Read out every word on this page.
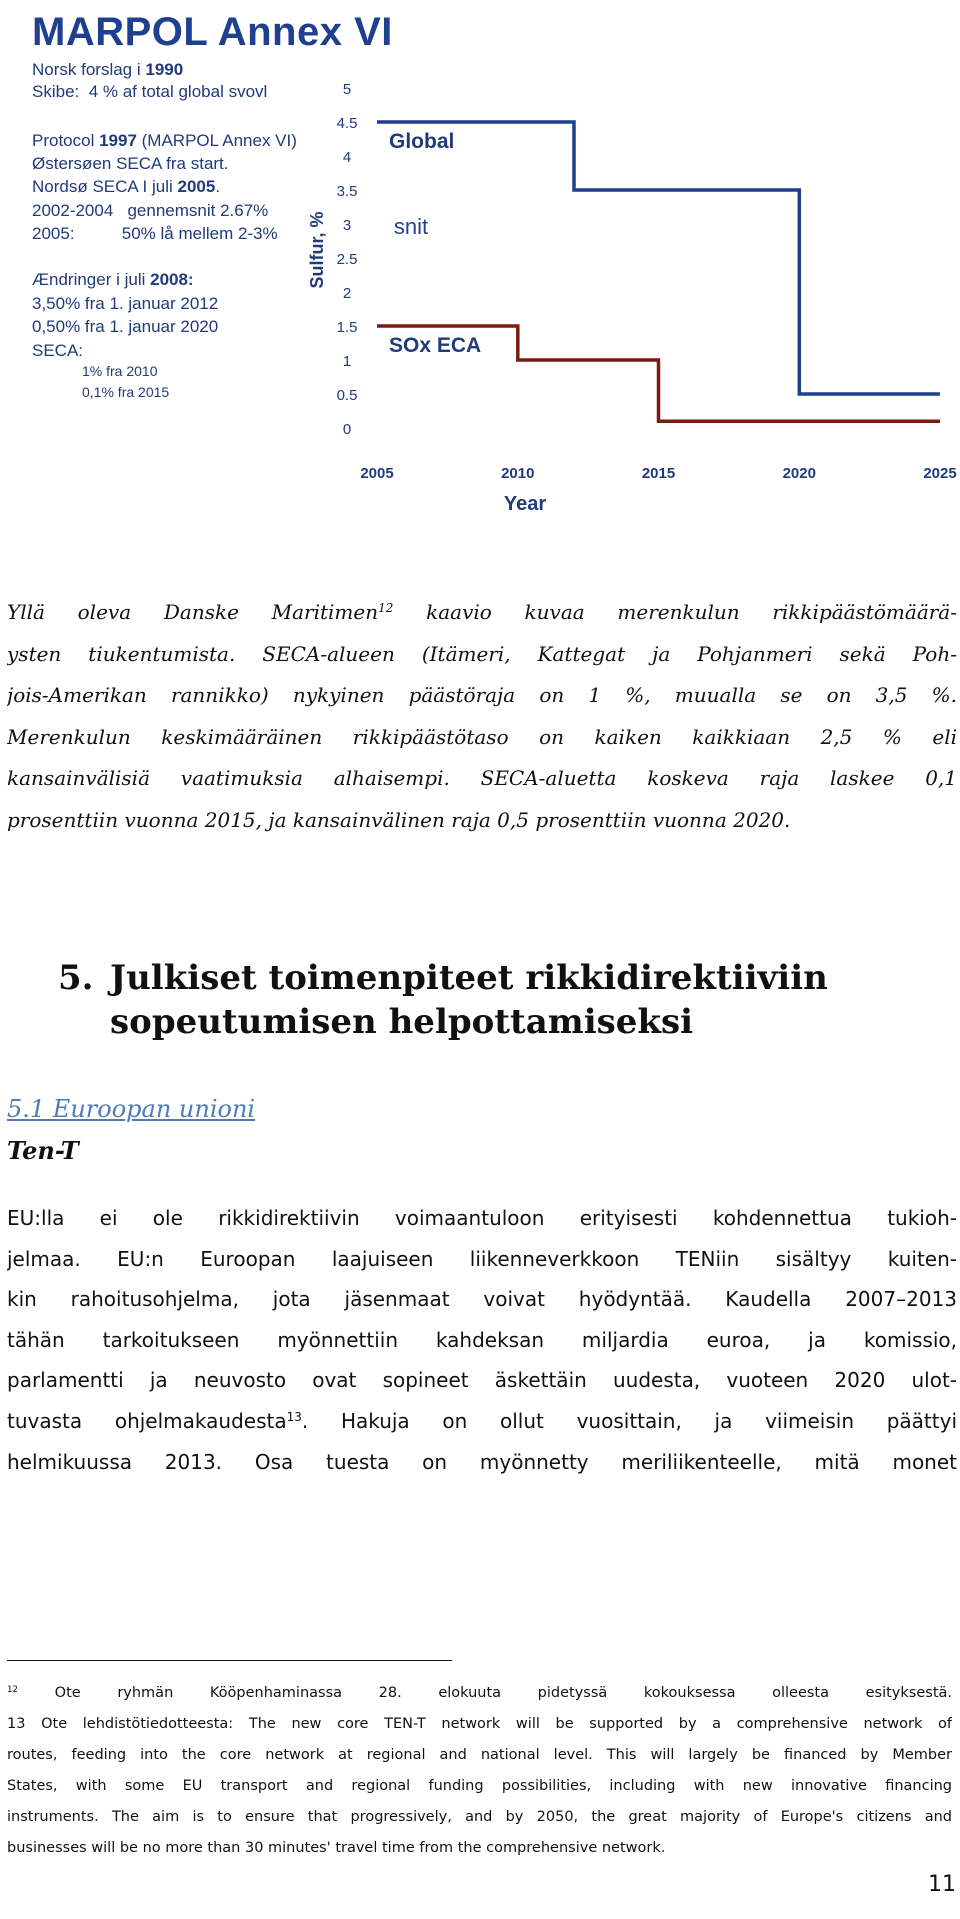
MARPOL Annex VI
Norsk forslag i 1990
Skibe:  4 % af total global svovl
Protocol 1997 (MARPOL Annex VI)
Østersøen SECA fra start.
Nordsø SECA I juli 2005.
2002-2004   gennemsnit 2.67%
2005:          50% lå mellem 2-3%
Ændringer i juli 2008:
3,50% fra 1. januar 2012
0,50% fra 1. januar 2020
SECA:
1% fra 2010
0,1% fra 2015
Sulfur, %
Year
0
0.5
1
1.5
2
2.5
3
3.5
4
4.5
5
2005	2010	2015	2020	2025
Global
SOx ECA
snit
Yllä oleva Danske Maritimen$^{12}$ kaavio kuvaa merenkulun rikkipäästömäärä-
ysten tiukentumista. SECA-alueen (Itämeri, Kattegat ja Pohjanmeri sekä Poh-
jois-Amerikan rannikko) nykyinen päästöraja on 1 %, muualla se on 3,5 %.
Merenkulun keskimääräinen rikkipäästötaso on kaiken kaikkiaan 2,5 % eli
kansainvälisiä vaatimuksia alhaisempi. SECA-aluetta koskeva raja laskee 0,1
prosenttiin vuonna 2015, ja kansainvälinen raja 0,5 prosenttiin vuonna 2020.
5. Julkiset toimenpiteet rikkidirektiiviin
sopeutumisen helpottamiseksi
5.1 Euroopan unioni
Ten-T
EU:lla ei ole rikkidirektiivin voimaantuloon erityisesti kohdennettua tukioh-
jelmaa. EU:n Euroopan laajuiseen liikenneverkkoon TENiin sisältyy kuiten-
kin rahoitusohjelma, jota jäsenmaat voivat hyödyntää. Kaudella 2007–2013
tähän tarkoitukseen myönnettiin kahdeksan miljardia euroa, ja komissio,
parlamentti ja neuvosto ovat sopineet äskettäin uudesta, vuoteen 2020 ulot-
tuvasta ohjelmakaudesta$^{13}$. Hakuja on ollut vuosittain, ja viimeisin päättyi
helmikuussa 2013. Osa tuesta on myönnetty meriliikenteelle, mitä monet
$^{12}$ Ote ryhmän Kööpenhaminassa 28. elokuuta pidetyssä kokouksessa olleesta esityksestä.
13 Ote lehdistötiedotteesta: The new core TEN-T network will be supported by a comprehensive network of
routes, feeding into the core network at regional and national level. This will largely be financed by Member
States, with some EU transport and regional funding possibilities, including with new innovative financing
instruments. The aim is to ensure that progressively, and by 2050, the great majority of Europe's citizens and
businesses will be no more than 30 minutes' travel time from the comprehensive network.
11
